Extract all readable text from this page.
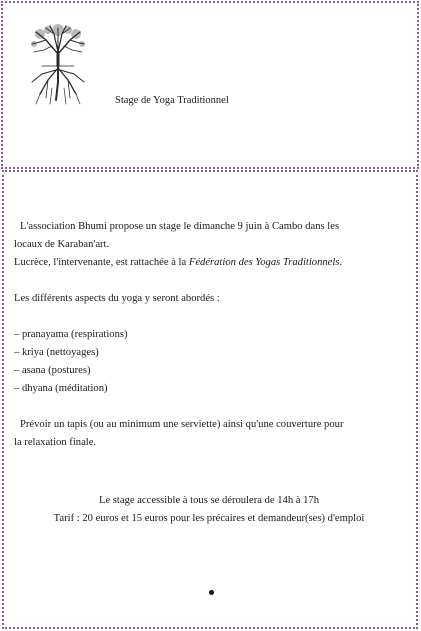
Stage de Yoga Traditionnel

L'association Bhumi propose un stage le dimanche 9 juin à Cambo dans les

locaux de Karaban'art.

Lucrèce, l'intervenante, est rattachée à la Fédération des Yogas Traditionnels.

Les différents aspects du yoga y seront abordés :

– pranayama (respirations)

– kriya (nettoyages)

– asana (postures)

– dhyana (méditation)

Prévoir un tapis (ou au minimum une serviette) ainsi qu'une couverture pour

la relaxation finale.

Le stage accessible à tous se déroulera de 14h à 17h

Tarif : 20 euros et 15 euros pour les précaires et demandeur(ses) d'emploi
